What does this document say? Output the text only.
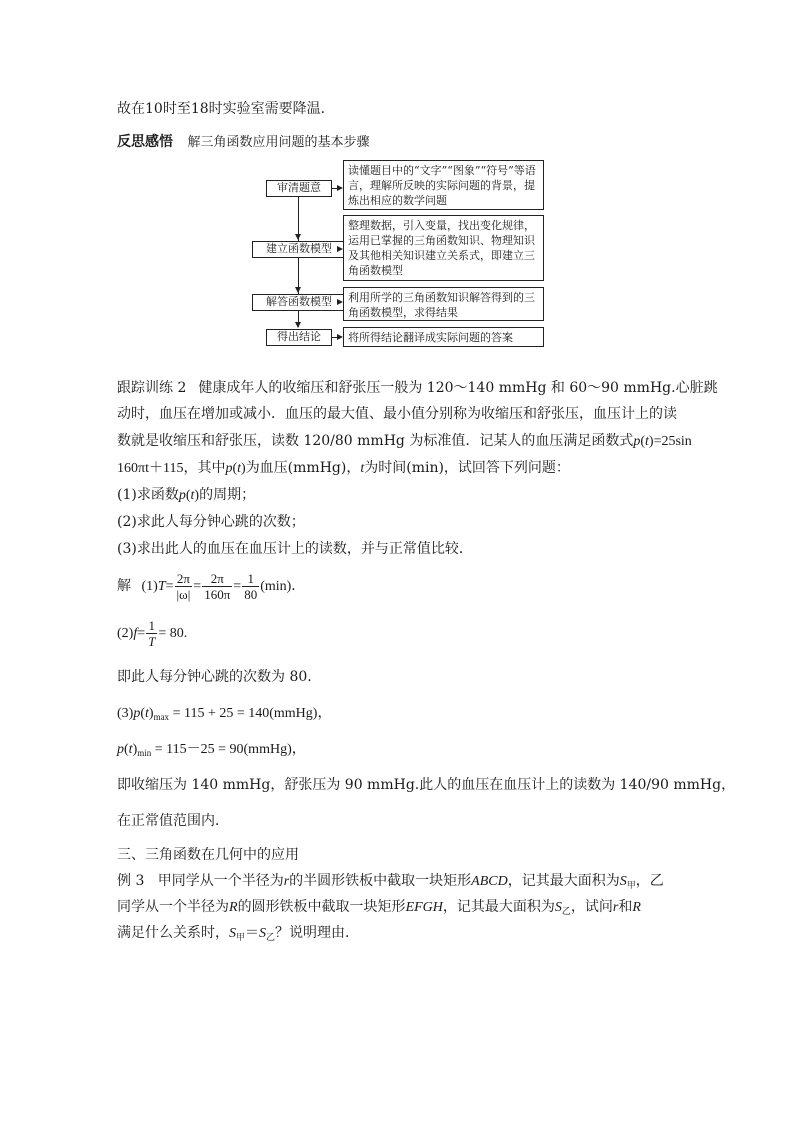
故在10时至18时实验室需要降温．
反思感悟 解三角函数应用问题的基本步骤
审清题意
读懂题目中的“文字”“图象”“符号”等语言，理解所反映的实际问题的背景，提炼出相应的数学问题
建立函数模型
整理数据，引入变量，找出变化规律，运用已掌握的三角函数知识、物理知识及其他相关知识建立关系式，即建立三角函数模型
解答函数模型	利用所学的三角函数知识解答得到的三角函数模型，求得结果
得出结论	将所得结论翻译成实际问题的答案
跟踪训练 2 健康成年人的收缩压和舒张压一般为 120～140 mmHg 和 60～90 mmHg.心脏跳
动时，血压在增加或减小．血压的最大值、最小值分别称为收缩压和舒张压，血压计上的读
数就是收缩压和舒张压，读数 120/80 mmHg 为标准值．记某人的血压满足函数式p(t)=25sin
160πt＋115，其中p(t)为血压(mmHg)，t为时间(min)，试回答下列问题：
(1)求函数p(t)的周期；
(2)求此人每分钟心跳的次数；
(3)求出此人的血压在血压计上的读数，并与正常值比较．
解 $(1)T= \frac{2\pi}{|\omega|} = \frac{2\pi}{160\pi} = \frac{1}{80} (\min)$．
$(2)f= \frac{1}{T} = 80$.
即此人每分钟心跳的次数为 80.
$(3)p(t)_{max} = 115 + 25$ = 140(mmHg)，
$p(t)_{min} = 115-25$ = 90(mmHg)，
即收缩压为 140 mmHg，舒张压为 90 mmHg.此人的血压在血压计上的读数为 140/90 mmHg，
在正常值范围内．
三、三角函数在几何中的应用
例 3 甲同学从一个半径为r的半圆形铁板中截取一块矩形ABCD，记其最大面积为$S_甲$，乙
同学从一个半径为R的圆形铁板中截取一块矩形EFGH，记其最大面积为$S_乙$，试问r和R
满足什么关系时，$S_甲=S_乙$？说明理由．
